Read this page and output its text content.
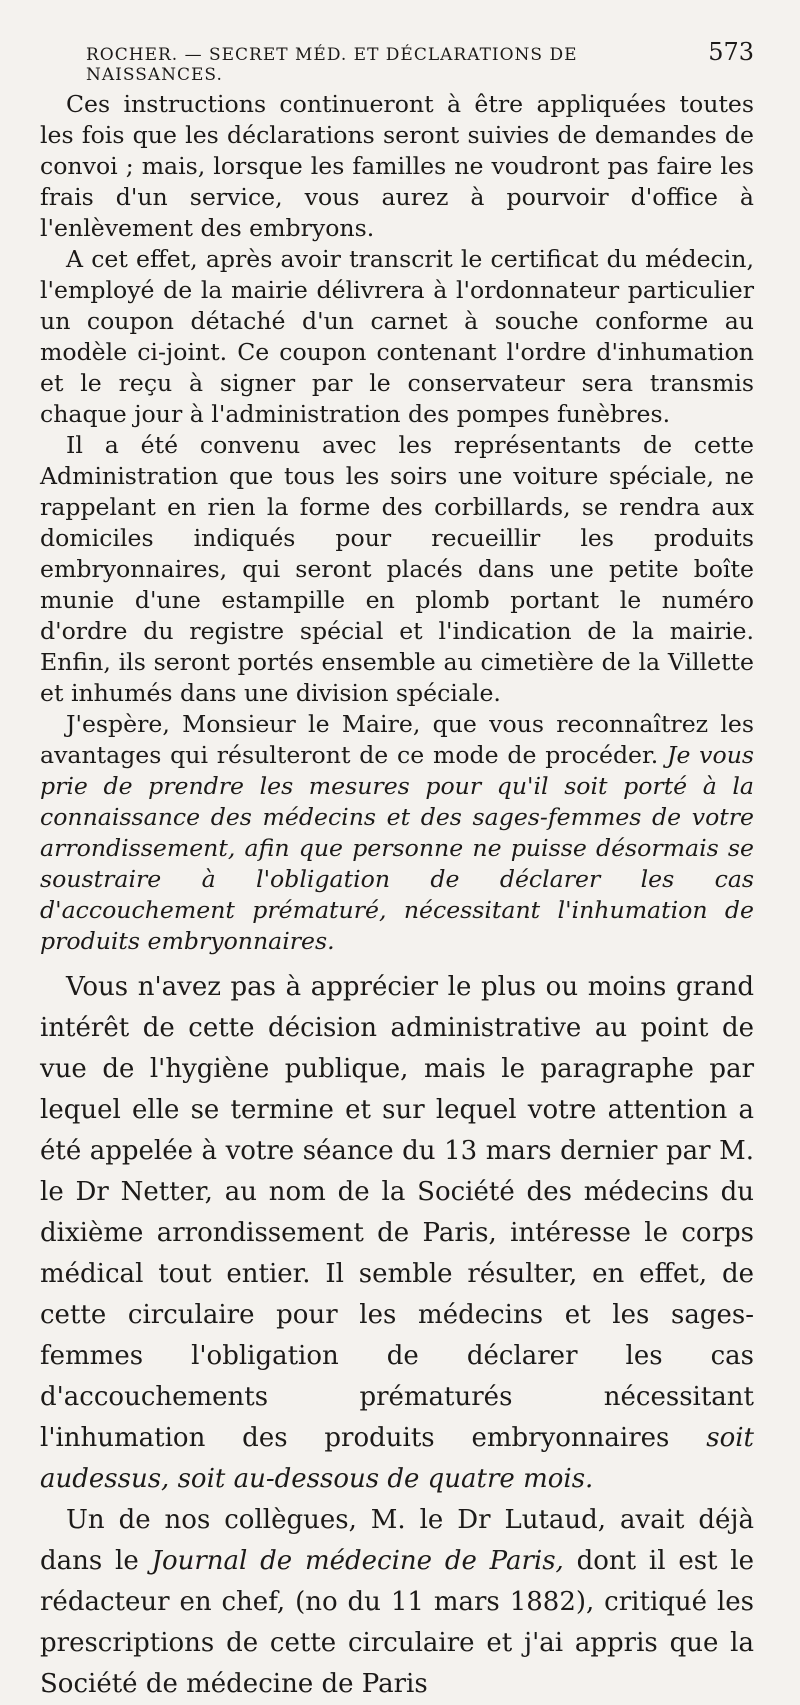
ROCHER. — SECRET MÉD. ET DÉCLARATIONS DE NAISSANCES.
573

Ces instructions continueront à être appliquées toutes les fois que les déclarations seront suivies de demandes de convoi ; mais, lorsque les familles ne voudront pas faire les frais d'un service, vous aurez à pourvoir d'office à l'enlèvement des embryons.

A cet effet, après avoir transcrit le certificat du médecin, l'employé de la mairie délivrera à l'ordonnateur particulier un coupon détaché d'un carnet à souche conforme au modèle ci-joint. Ce coupon contenant l'ordre d'inhumation et le reçu à signer par le conservateur sera transmis chaque jour à l'administration des pompes funèbres.

Il a été convenu avec les représentants de cette Administration que tous les soirs une voiture spéciale, ne rappelant en rien la forme des corbillards, se rendra aux domiciles indiqués pour recueillir les produits embryonnaires, qui seront placés dans une petite boîte munie d'une estampille en plomb portant le numéro d'ordre du registre spécial et l'indication de la mairie. Enfin, ils seront portés ensemble au cimetière de la Villette et inhumés dans une division spéciale.

J'espère, Monsieur le Maire, que vous reconnaîtrez les avantages qui résulteront de ce mode de procéder. Je vous prie de prendre les mesures pour qu'il soit porté à la connaissance des médecins et des sages-femmes de votre arrondissement, afin que personne ne puisse désormais se soustraire à l'obligation de déclarer les cas d'accouchement prématuré, nécessitant l'inhumation de produits embryonnaires.

Vous n'avez pas à apprécier le plus ou moins grand intérêt de cette décision administrative au point de vue de l'hygiène publique, mais le paragraphe par lequel elle se termine et sur lequel votre attention a été appelée à votre séance du 13 mars dernier par M. le Dr Netter, au nom de la Société des médecins du dixième arrondissement de Paris, intéresse le corps médical tout entier. Il semble résulter, en effet, de cette circulaire pour les médecins et les sages-femmes l'obligation de déclarer les cas d'accouchements prématurés nécessitant l'inhumation des produits embryonnaires soit audessus, soit au-dessous de quatre mois.

Un de nos collègues, M. le Dr Lutaud, avait déjà dans le Journal de médecine de Paris, dont il est le rédacteur en chef, (no du 11 mars 1882), critiqué les prescriptions de cette circulaire et j'ai appris que la Société de médecine de Paris
